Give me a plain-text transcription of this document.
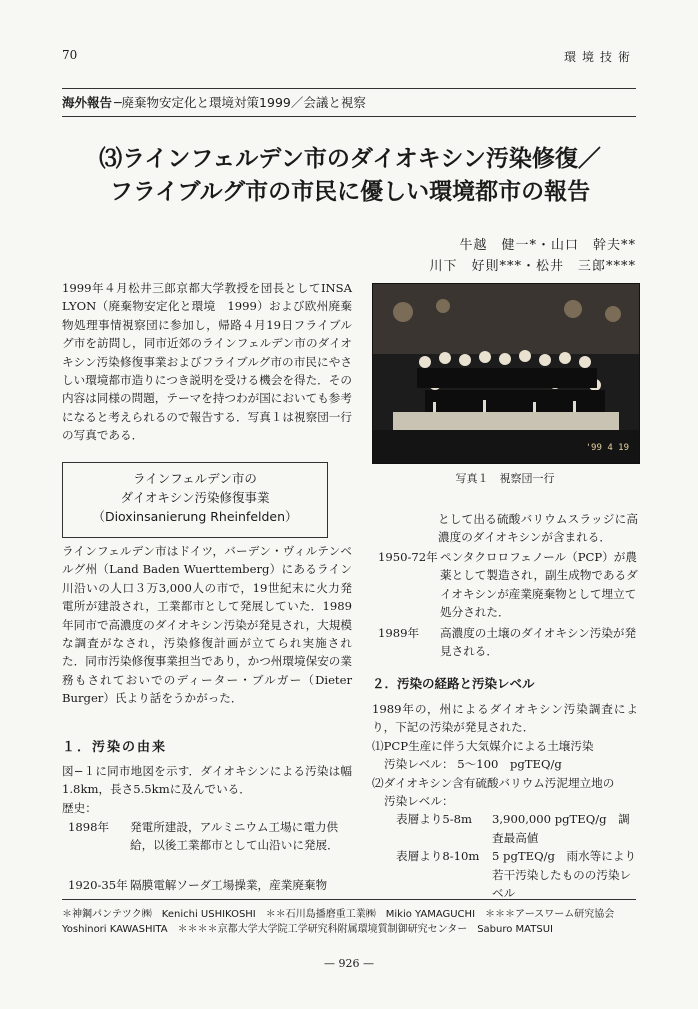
70	環境技術
海外報告 ─廃棄物安定化と環境対策1999／会議と視察
⑶ラインフェルデン市のダイオキシン汚染修復／
フライブルグ市の市民に優しい環境都市の報告
牛越　健一*・山口　幹夫**
川下　好則***・松井　三郎****
1999年４月松井三郎京都大学教授を団長としてINSA LYON（廃棄物安定化と環境　1999）および欧州廃棄物処理事情視察団に参加し，帰路４月19日フライブルグ市を訪問し，同市近郊のラインフェルデン市のダイオキシン汚染修復事業およびフライブルグ市の市民にやさしい環境都市造りにつき説明を受ける機会を得た．その内容は同様の問題，テーマを持つわが国においても参考になると考えられるので報告する．写真１は視察団一行の写真である．
'99 4 19
写真１　視察団一行
ラインフェルデン市の
ダイオキシン汚染修復事業
（Dioxinsanierung Rheinfelden）
ラインフェルデン市はドイツ，バーデン・ヴィルテンベルグ州（Land Baden Wuerttemberg）にあるライン川沿いの人口３万3,000人の市で，19世紀末に火力発電所が建設され，工業都市として発展していた．1989年同市で高濃度のダイオキシン汚染が発見され，大規模な調査がなされ，汚染修復計画が立てられ実施された．同市汚染修復事業担当であり，かつ州環境保安の業務もされておいでのディーター・ブルガー（Dieter Burger）氏より話をうかがった．
１．汚染の由来
図−１に同市地図を示す．ダイオキシンによる汚染は幅1.8km，長さ5.5kmに及んでいる．
歴史：
1898年	発電所建設，アルミニウム工場に電力供給，以後工業都市として山沿いに発展．
1920-35年 隔膜電解ソーダ工場操業，産業廃棄物
として出る硫酸バリウムスラッジに高濃度のダイオキシンが含まれる．
1950-72年 ペンタクロロフェノール（PCP）が農薬として製造され，副生成物であるダイオキシンが産業廃棄物として埋立て処分された．
1989年	高濃度の土壌のダイオキシン汚染が発見される．
２．汚染の経路と汚染レベル
1989年の，州によるダイオキシン汚染調査により，下記の汚染が発見された．
⑴PCP生産に伴う大気媒介による土壌汚染
汚染レベル： 5〜100　pgTEQ/g
⑵ダイオキシン含有硫酸バリウム汚泥埋立地の
汚染レベル：
表層より5-8m	3,900,000 pgTEQ/g　調査最高値
表層より8-10m	5 pgTEQ/g　雨水等により若干汚染したものの汚染レベル
＊神鋼パンテツク㈱　Kenichi USHIKOSHI　＊＊石川島播磨重工業㈱　Mikio YAMAGUCHI　＊＊＊アースワーム研究協会
Yoshinori KAWASHITA　＊＊＊＊京都大学大学院工学研究科附属環境質制御研究センター　Saburo MATSUI
— 926 —
